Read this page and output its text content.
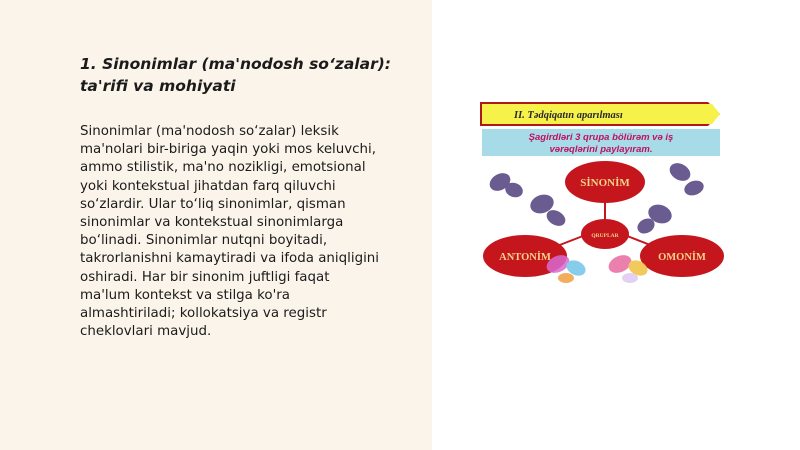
1. Sinonimlar (ma'nodosh so‘zalar):
ta'rifi va mohiyati

Sinonimlar (ma'nodosh so‘zalar) leksik
ma'nolari bir-biriga yaqin yoki mos keluvchi,
ammo stilistik, ma'no nozikligi, emotsional
yoki kontekstual jihatdan farq qiluvchi
so‘zlardir. Ular to‘liq sinonimlar, qisman
sinonimlar va kontekstual sinonimlarga
bo‘linadi. Sinonimlar nutqni boyitadi,
takrorlanishni kamaytiradi va ifoda aniqligini
oshiradi. Har bir sinonim juftligi faqat
ma'lum kontekst va stilga ko'ra
almashtiriladi; kollokatsiya va registr
cheklovlari mavjud.

II. Tədqiqatın aparılması
Şagirdləri 3 qrupa bölürəm və iş
vərəqlərini paylayıram.
SİNONİM
QRUPLAR
ANTONİM	OMONİM
